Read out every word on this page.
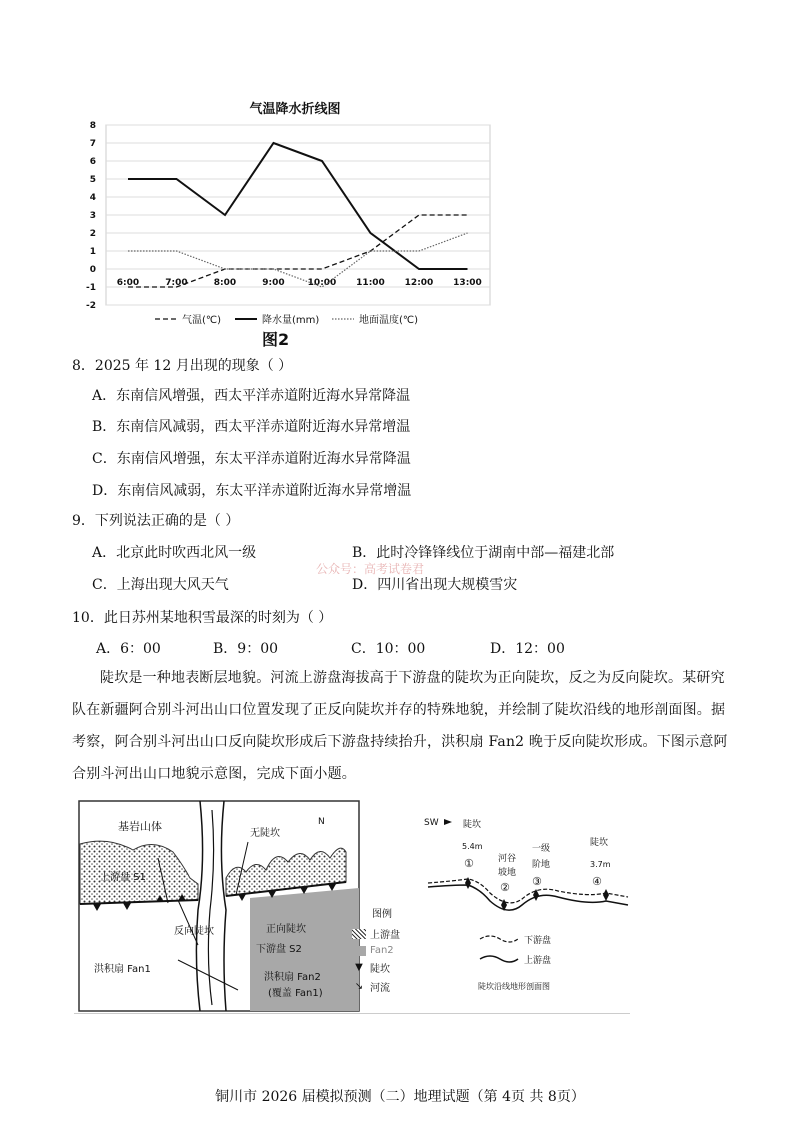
气温降水折线图
8
7
6
5
4
3
2
1
0
-1
-2
6:00	7:00	8:00	9:00	10:00 11:00 12:00 13:00
气温(℃)	降水量(mm)	地面温度(℃)
图2
8．2025 年 12 月出现的现象（ ）
A．东南信风增强，西太平洋赤道附近海水异常降温
B．东南信风减弱，西太平洋赤道附近海水异常增温
C．东南信风增强，东太平洋赤道附近海水异常降温
D．东南信风减弱，东太平洋赤道附近海水异常增温
9．下列说法正确的是（ ）
A．北京此时吹西北风一级	B．此时冷锋锋线位于湖南中部—福建北部
公众号：高考试卷君
C．上海出现大风天气	D．四川省出现大规模雪灾
10．此日苏州某地积雪最深的时刻为（ ）
A．6：00	B．9：00	C．10：00	D．12：00
陡坎是一种地表断层地貌。河流上游盘海拔高于下游盘的陡坎为正向陡坎，反之为反向陡坎。某研究队在新疆阿合别斗河出山口位置发现了正反向陡坎并存的特殊地貌，并绘制了陡坎沿线的地形剖面图。据考察，阿合别斗河出山口反向陡坎形成后下游盘持续抬升，洪积扇 Fan2 晚于反向陡坎形成。下图示意阿合别斗河出山口地貌示意图，完成下面小题。
基岩山体	N
无陡坎
上游盘 S1
反向陡坎	正向陡坎
下游盘 S2
洪积扇 Fan1
洪积扇 Fan2
(覆盖 Fan1)
图例
上游盘
Fan2
▼ 陡坎
↘ 河流
SW	陡坎
5.4m
①	河谷
坡地
②
一级
阶地
③
陡坎
3.7m
④
下游盘
上游盘
陡坎沿线地形剖面图
铜川市 2026 届模拟预测（二）地理试题（第 4页 共 8页）
